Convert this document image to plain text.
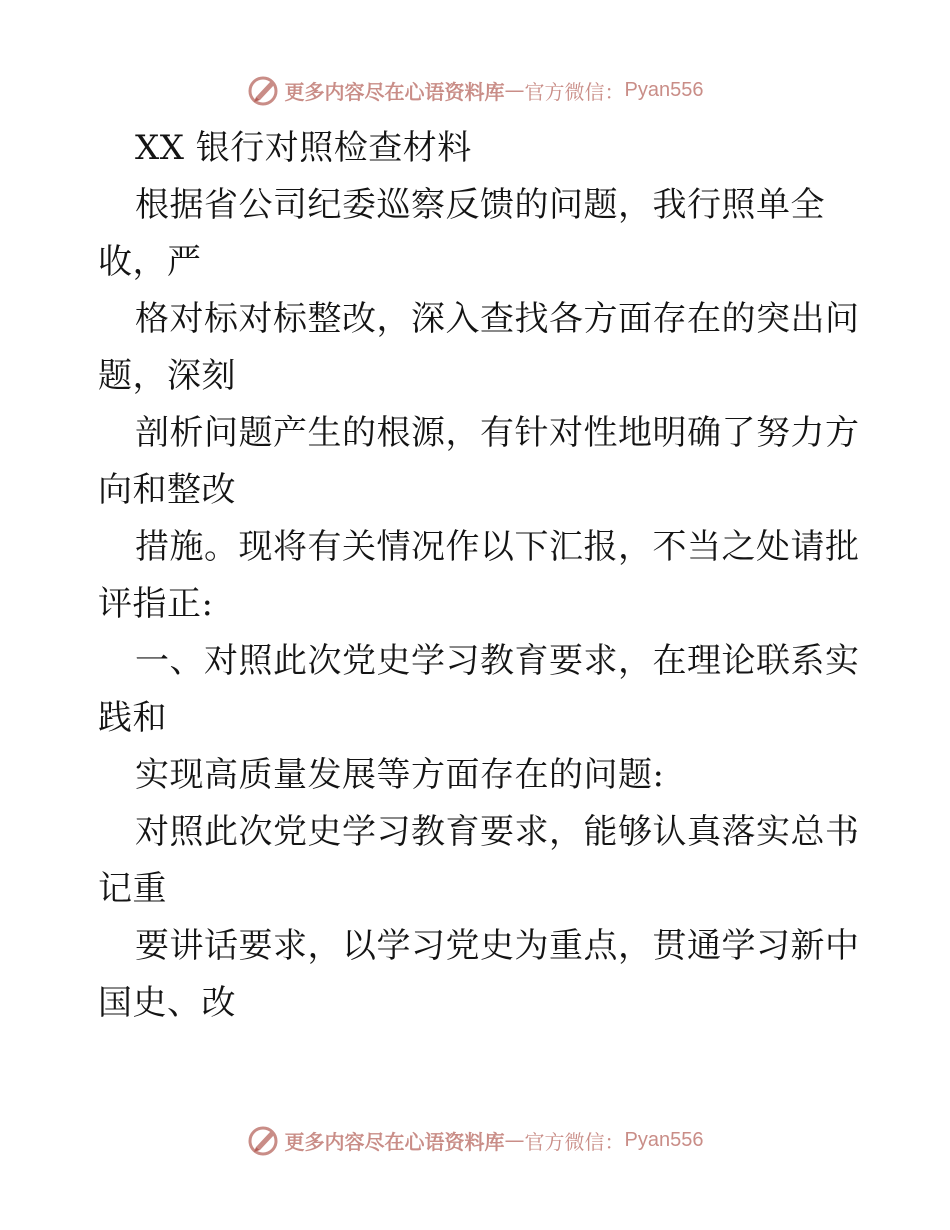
更多内容尽在心语资料库 — 官方微信： Pyan556
XX 银行对照检查材料
根据省公司纪委巡察反馈的问题，我行照单全
收，严
格对标对标整改，深入查找各方面存在的突出问
题，深刻
剖析问题产生的根源，有针对性地明确了努力方
向和整改
措施。现将有关情况作以下汇报，不当之处请批
评指正:
一、对照此次党史学习教育要求，在理论联系实
践和
实现高质量发展等方面存在的问题:
对照此次党史学习教育要求，能够认真落实总书
记重
要讲话要求，以学习党史为重点，贯通学习新中
国史、改
更多内容尽在心语资料库 — 官方微信： Pyan556
